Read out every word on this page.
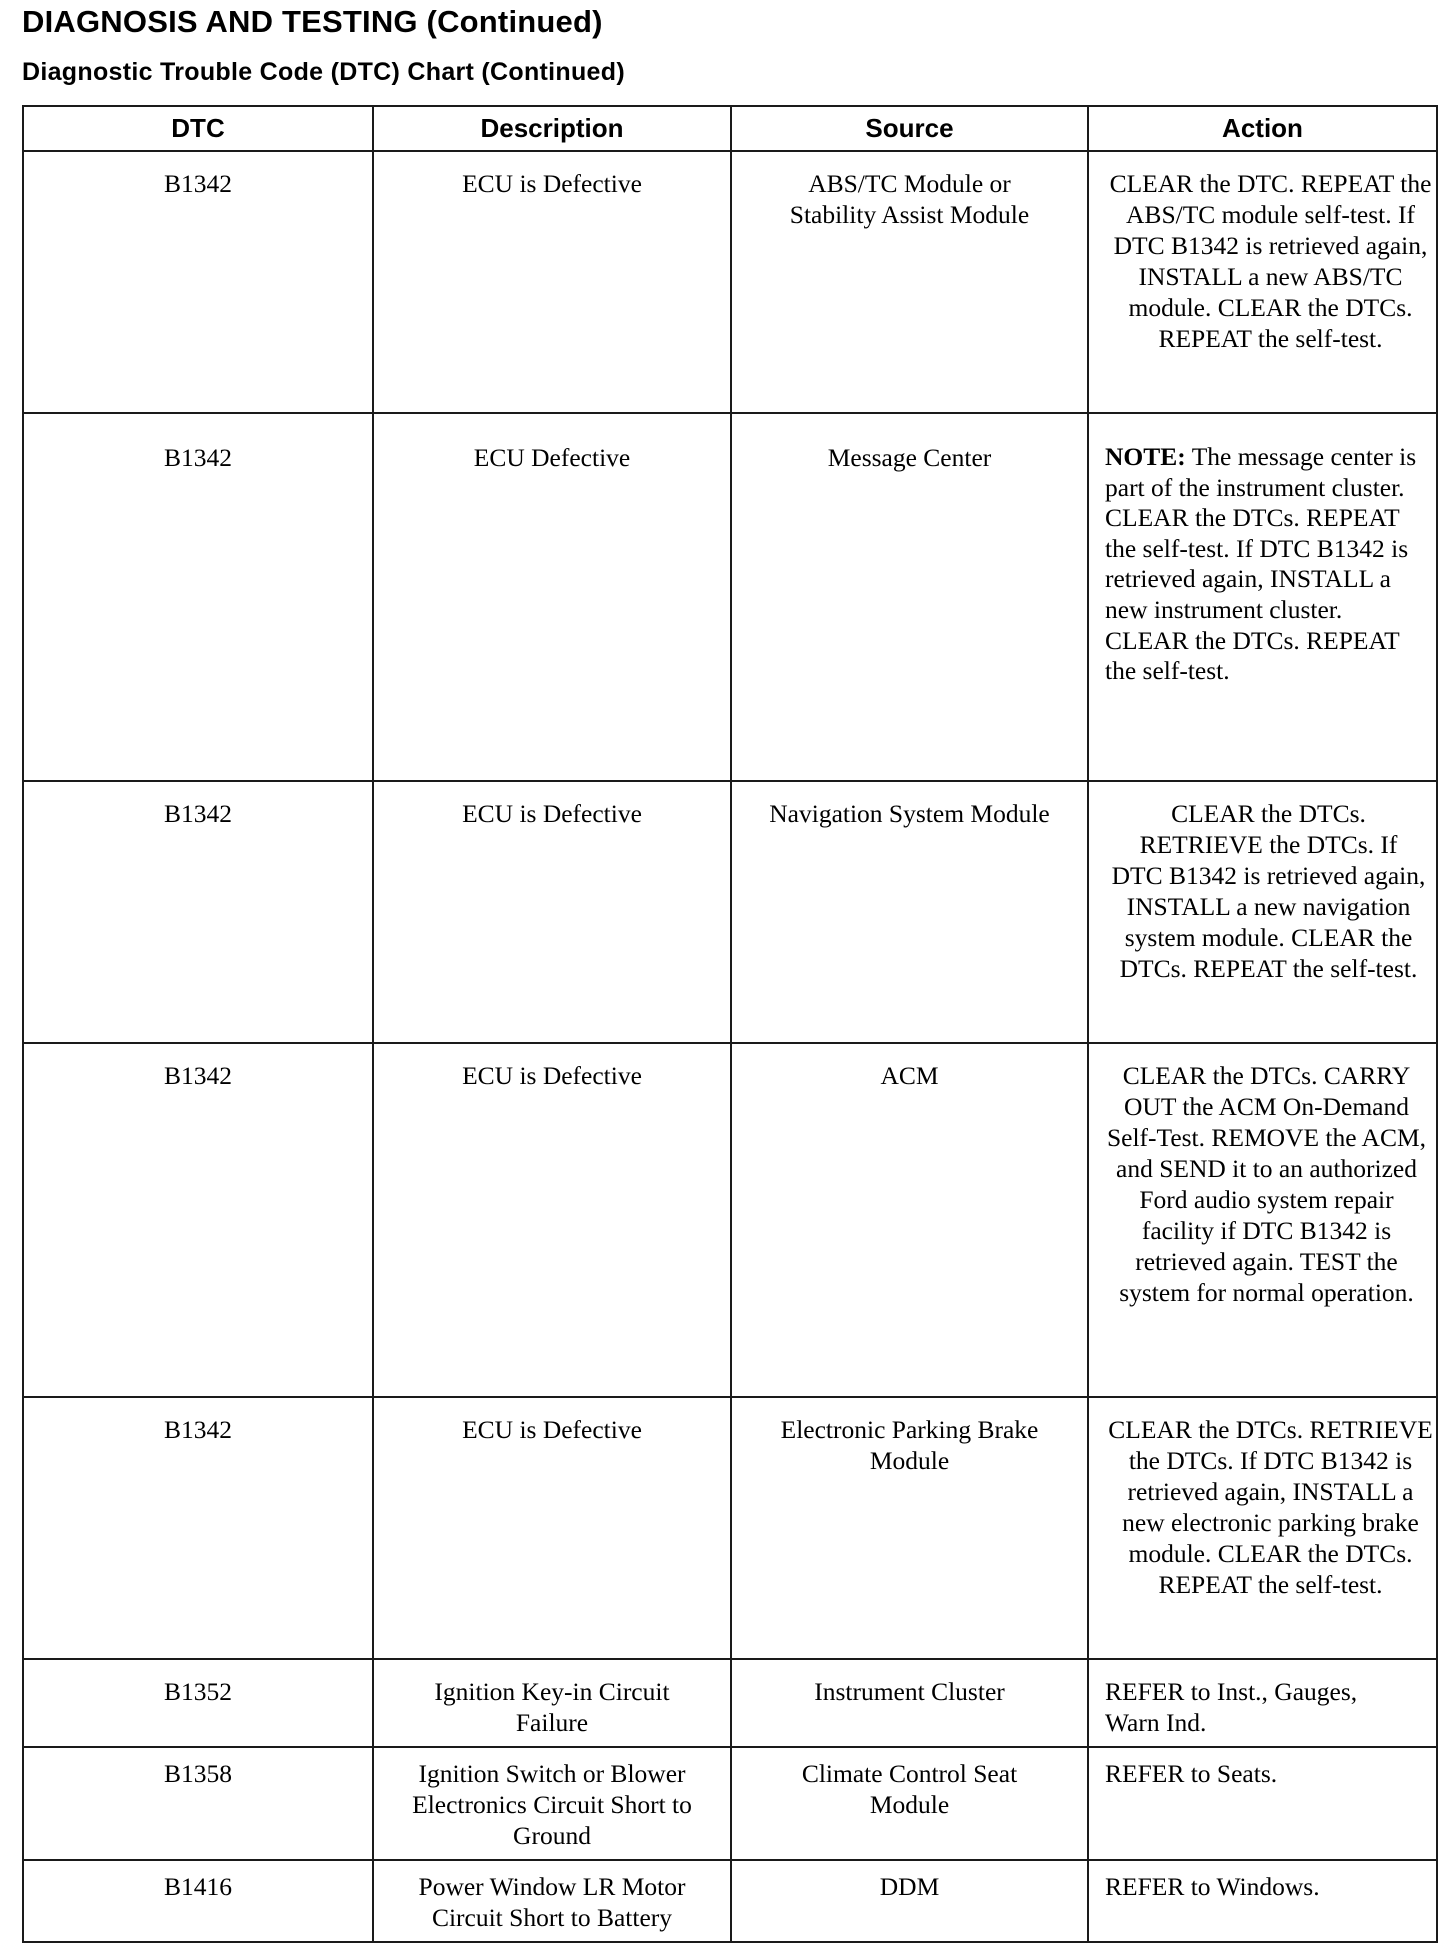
DIAGNOSIS AND TESTING (Continued)
Diagnostic Trouble Code (DTC) Chart (Continued)
DTC	Description	Source	Action

B1342	ECU is Defective	ABS/TC Module or Stability Assist Module	CLEAR the DTC. REPEAT the ABS/TC module self-test. If DTC B1342 is retrieved again, INSTALL a new ABS/TC module. CLEAR the DTCs. REPEAT the self-test.

B1342	ECU Defective	Message Center	NOTE: The message center is part of the instrument cluster.
CLEAR the DTCs. REPEAT the self-test. If DTC B1342 is retrieved again, INSTALL a new instrument cluster. CLEAR the DTCs. REPEAT the self-test.

B1342	ECU is Defective	Navigation System Module	CLEAR the DTCs. RETRIEVE the DTCs. If DTC B1342 is retrieved again, INSTALL a new navigation system module. CLEAR the DTCs. REPEAT the self-test.

B1342	ECU is Defective	ACM	CLEAR the DTCs. CARRY OUT the ACM On-Demand Self-Test. REMOVE the ACM, and SEND it to an authorized Ford audio system repair facility if DTC B1342 is  retrieved again. TEST the system for normal operation.

B1342	ECU is Defective	Electronic Parking Brake Module	CLEAR the DTCs. RETRIEVE the DTCs. If DTC B1342 is retrieved again, INSTALL a new electronic parking brake module. CLEAR the DTCs. REPEAT the self-test.

B1352	Ignition Key-in Circuit Failure	Instrument Cluster	REFER to Inst., Gauges, Warn Ind.

B1358	Ignition Switch or Blower Electronics Circuit Short to Ground	Climate Control Seat Module	REFER to Seats.

B1416	Power Window LR Motor Circuit Short to Battery	DDM	REFER to Windows.
